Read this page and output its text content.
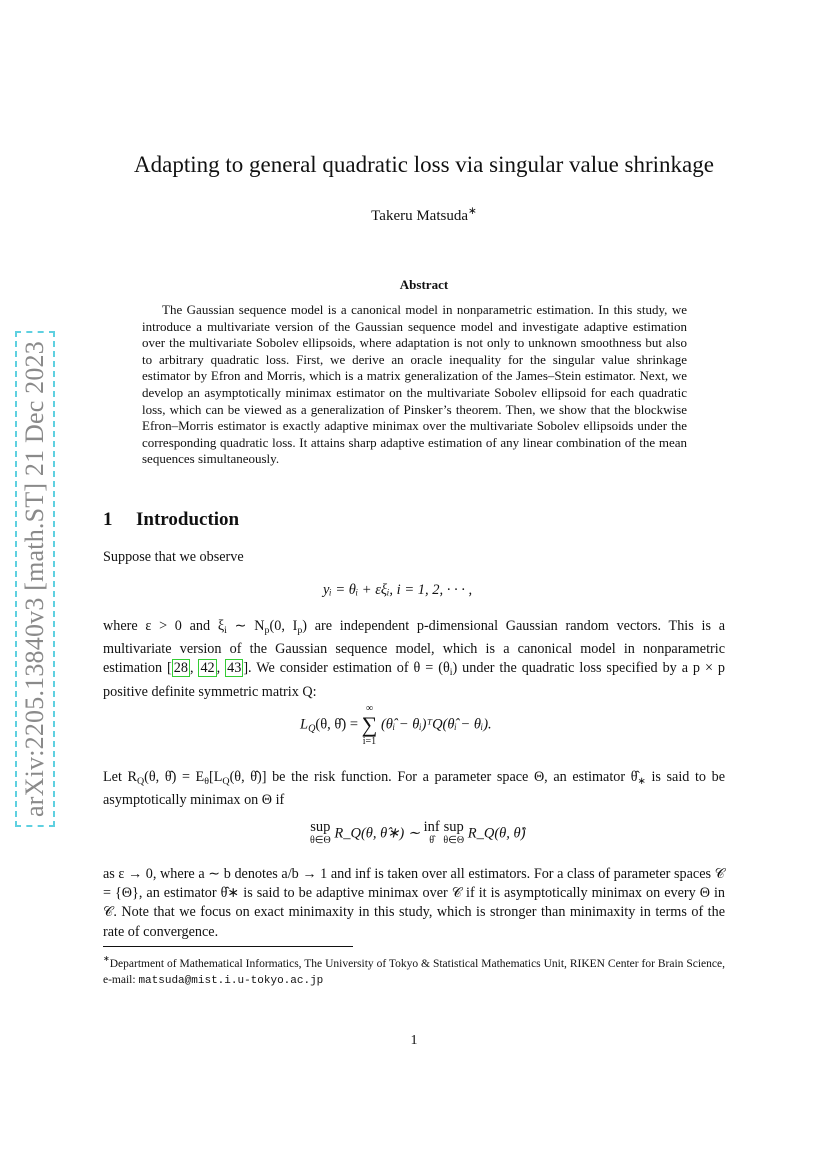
arXiv:2205.13840v3 [math.ST] 21 Dec 2023
Adapting to general quadratic loss via singular value shrinkage
Takeru Matsuda∗
Abstract

The Gaussian sequence model is a canonical model in nonparametric estimation. In this study, we introduce a multivariate version of the Gaussian sequence model and investigate adaptive estimation over the multivariate Sobolev ellipsoids, where adaptation is not only to unknown smoothness but also to arbitrary quadratic loss. First, we derive an oracle inequality for the singular value shrinkage estimator by Efron and Morris, which is a matrix generalization of the James–Stein estimator. Next, we develop an asymptotically minimax estimator on the multivariate Sobolev ellipsoid for each quadratic loss, which can be viewed as a generalization of Pinsker’s theorem. Then, we show that the blockwise Efron–Morris estimator is exactly adaptive minimax over the multivariate Sobolev ellipsoids under the corresponding quadratic loss. It attains sharp adaptive estimation of any linear combination of the mean sequences simultaneously.

1 Introduction

Suppose that we observe

yᵢ = θᵢ + εξᵢ, i = 1, 2, · · · ,

where ε > 0 and $\xi_i$ ∼ $N_p(0$, $I_p$) are independent p-dimensional Gaussian random vectors. This is a multivariate version of the Gaussian sequence model, which is a canonical model in nonparametric estimation [ 28 , 42 , 43 ]. We consider estimation of $\theta = (\theta_i)$ under the quadratic loss specified by a p × p positive definite symmetric matrix Q:

$L_Q(\theta$, θ̂) =
∞
∑
i=1
(θ̂ᵢ − θᵢ)ᵀQ(θ̂ᵢ − θᵢ).

Let $R_Q(\theta$, θ̂) = $E_\theta[L_Q(\theta$, θ̂)] be the risk function. For a parameter space Θ, an estimator $\thetâ_∗$ is said to be asymptotically minimax on Θ if

sup
θ∈Θ R_Q(θ, θ̂∗) ∼ inf
θ̂
sup
θ∈Θ R_Q(θ, θ̂)

as ε → 0, where a ∼ b denotes a/b → 1 and inf is taken over all estimators. For a class of parameter spaces 𝒞 = {Θ}, an estimator θ̂∗ is said to be adaptive minimax over 𝒞 if it is asymptotically minimax on every Θ in 𝒞. Note that we focus on exact minimaxity in this study, which is stronger than minimaxity in terms of the rate of convergence.

∗Department of Mathematical Informatics, The University of Tokyo & Statistical Mathematics Unit, RIKEN Center for Brain Science, e-mail: matsuda@mist.i.u-tokyo.ac.jp

1
